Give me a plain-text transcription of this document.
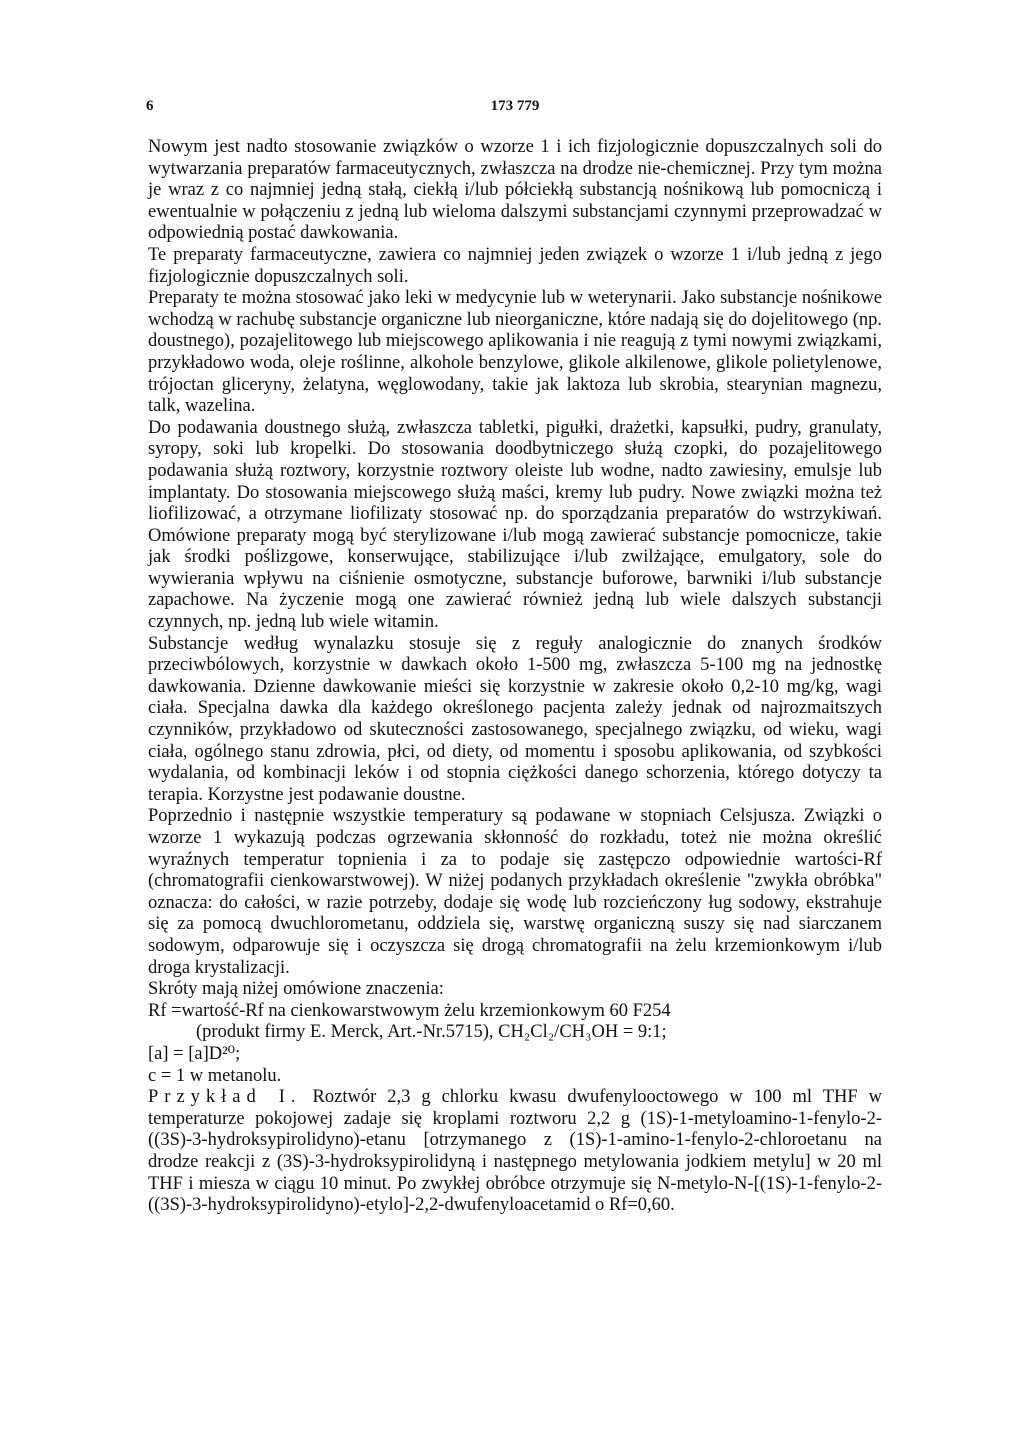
6	173 779

Nowym jest nadto stosowanie związków o wzorze 1 i ich fizjologicznie dopuszczalnych soli do wytwarzania preparatów farmaceutycznych, zwłaszcza na drodze nie-chemicznej. Przy tym można je wraz z co najmniej jedną stałą, ciekłą i/lub półciekłą substancją nośnikową lub pomocniczą i ewentualnie w połączeniu z jedną lub wieloma dalszymi substancjami czynnymi przeprowadzać w odpowiednią postać dawkowania.

Te preparaty farmaceutyczne, zawiera co najmniej jeden związek o wzorze 1 i/lub jedną z jego fizjologicznie dopuszczalnych soli.

Preparaty te można stosować jako leki w medycynie lub w weterynarii. Jako substancje nośnikowe wchodzą w rachubę substancje organiczne lub nieorganiczne, które nadają się do dojelitowego (np. doustnego), pozajelitowego lub miejscowego aplikowania i nie reagują z tymi nowymi związkami, przykładowo woda, oleje roślinne, alkohole benzylowe, glikole alkilenowe, glikole polietylenowe, trójoctan gliceryny, żelatyna, węglowodany, takie jak laktoza lub skrobia, stearynian magnezu, talk, wazelina.

Do podawania doustnego służą, zwłaszcza tabletki, pigułki, drażetki, kapsułki, pudry, granulaty, syropy, soki lub kropelki. Do stosowania doodbytniczego służą czopki, do pozajelitowego podawania służą roztwory, korzystnie roztwory oleiste lub wodne, nadto zawiesiny, emulsje lub implantaty. Do stosowania miejscowego służą maści, kremy lub pudry. Nowe związki można też liofilizować, a otrzymane liofilizaty stosować np. do sporządzania preparatów do wstrzykiwań. Omówione preparaty mogą być sterylizowane i/lub mogą zawierać substancje pomocnicze, takie jak środki poślizgowe, konserwujące, stabilizujące i/lub zwilżające, emulgatory, sole do wywierania wpływu na ciśnienie osmotyczne, substancje buforowe, barwniki i/lub substancje zapachowe. Na życzenie mogą one zawierać również jedną lub wiele dalszych substancji czynnych, np. jedną lub wiele witamin.

Substancje według wynalazku stosuje się z reguły analogicznie do znanych środków przeciwbólowych, korzystnie w dawkach około 1-500 mg, zwłaszcza 5-100 mg na jednostkę dawkowania. Dzienne dawkowanie mieści się korzystnie w zakresie około 0,2-10 mg/kg, wagi ciała. Specjalna dawka dla każdego określonego pacjenta zależy jednak od najrozmaitszych czynników, przykładowo od skuteczności zastosowanego, specjalnego związku, od wieku, wagi ciała, ogólnego stanu zdrowia, płci, od diety, od momentu i sposobu aplikowania, od szybkości wydalania, od kombinacji leków i od stopnia ciężkości danego schorzenia, którego dotyczy ta terapia. Korzystne jest podawanie doustne.

Poprzednio i następnie wszystkie temperatury są podawane w stopniach Celsjusza. Związki o wzorze 1 wykazują podczas ogrzewania skłonność do rozkładu, toteż nie można określić wyraźnych temperatur topnienia i za to podaje się zastępczo odpowiednie wartości-Rf (chromatografii cienkowarstwowej). W niżej podanych przykładach określenie "zwykła obróbka" oznacza: do całości, w razie potrzeby, dodaje się wodę lub rozcieńczony ług sodowy, ekstrahuje się za pomocą dwuchlorometanu, oddziela się, warstwę organiczną suszy się nad siarczanem sodowym, odparowuje się i oczyszcza się drogą chromatografii na żelu krzemionkowym i/lub droga krystalizacji.

Skróty mają niżej omówione znaczenia:

Rf =wartość-Rf na cienkowarstwowym żelu krzemionkowym 60 F254

(produkt firmy E. Merck, Art.-Nr.5715), CH₂Cl₂/CH₃OH = 9:1;

[a] = [a]D²⁰;

c = 1 w metanolu.

Przykład I. Roztwór 2,3 g chlorku kwasu dwufenylooctowego w 100 ml THF w temperaturze pokojowej zadaje się kroplami roztworu 2,2 g (1S)-1-metyloamino-1-fenylo-2-((3S)-3-hydroksypirolidyno)-etanu [otrzymanego z (1S)-1-amino-1-fenylo-2-chloroetanu na drodze reakcji z (3S)-3-hydroksypirolidyną i następnego metylowania jodkiem metylu] w 20 ml THF i miesza w ciągu 10 minut. Po zwykłej obróbce otrzymuje się N-metylo-N-[(1S)-1-fenylo-2-((3S)-3-hydroksypirolidyno)-etylo]-2,2-dwufenyloacetamid o Rf=0,60.
